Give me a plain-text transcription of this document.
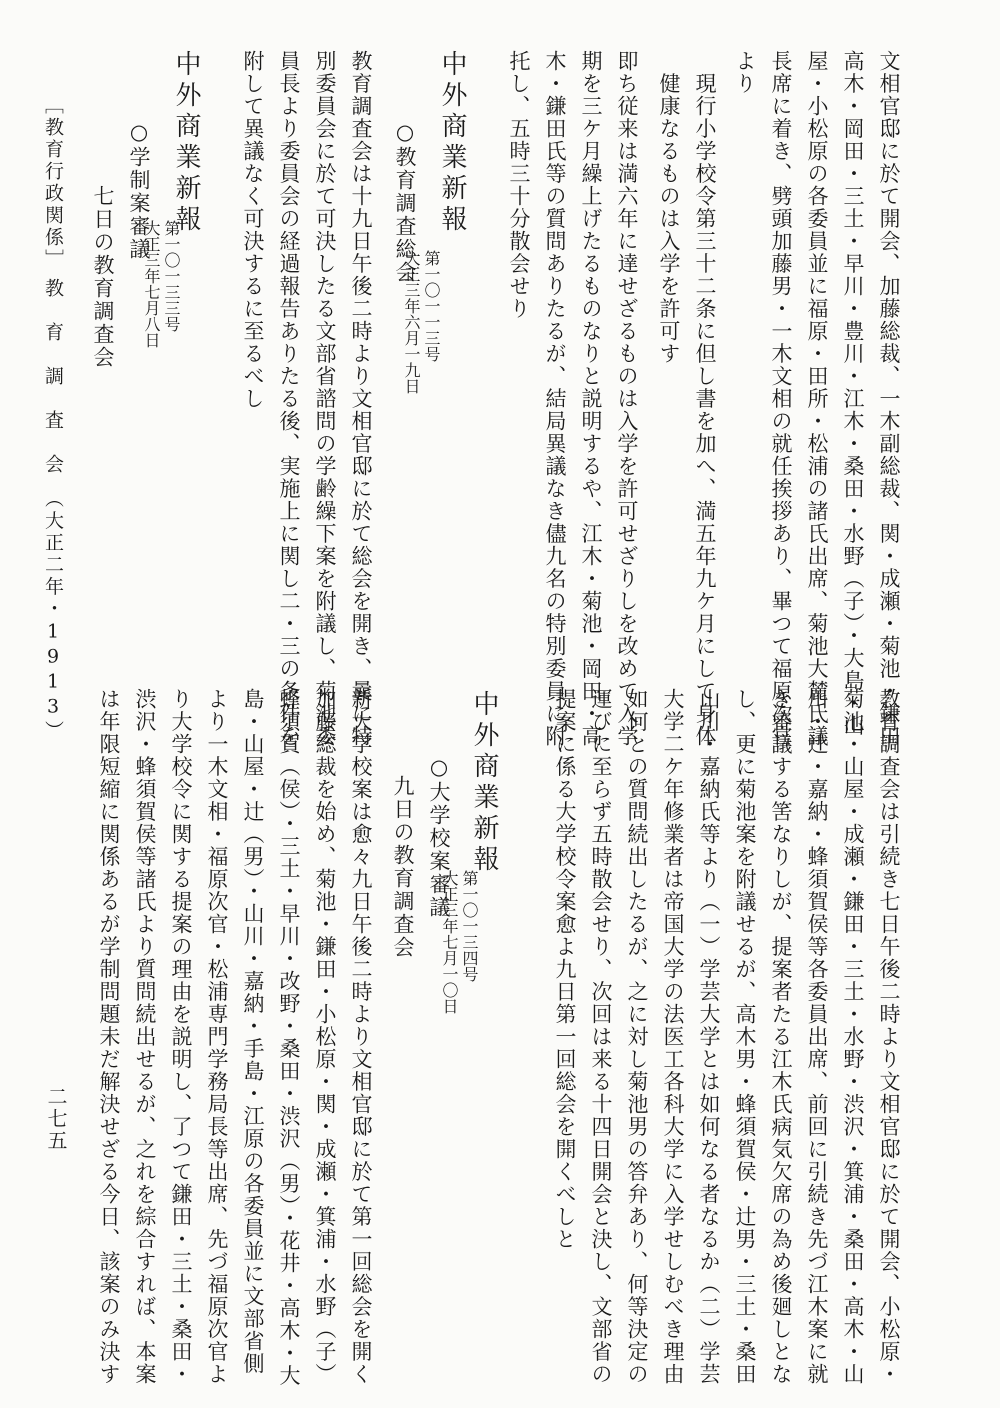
文相官邸に於て開会、加藤総裁、一木副総裁、関・成瀬・菊池・鎌田

高木・岡田・三土・早川・豊川・江木・桑田・水野（子）・大島・山

屋・小松原の各委員並に福原・田所・松浦の諸氏出席、菊池大麓氏議

長席に着き、劈頭加藤男・一木文相の就任挨拶あり、畢つて福原次官

より

　現行小学校令第三十二条に但し書を加へ、満五年九ケ月にして身体

　健康なるものは入学を許可す

即ち従来は満六年に達せざるものは入学を許可せざりしを改めて入学

期を三ケ月繰上げたるものなりと説明するや、江木・菊池・岡田・高

木・鎌田氏等の質問ありたるが、結局異議なき儘九名の特別委員に附

托し、五時三十分散会せり

中外商業新報

第一〇一一三号

大正三年六月一九日

○教育調査総会

教育調査会は十九日午後二時より文相官邸に於て総会を開き、曩に特

別委員会に於て可決したる文部省諮問の学齢繰下案を附議し、菊池委

員長より委員会の経過報告ありたる後、実施上に関し二・三の条件を

附して異議なく可決するに至るべし

中外商業新報

第一〇一三三号

大正三年七月八日

○学制案審議

七日の教育調査会

［教育行政関係］

教　育　調　査　会　（大正二年・1913）

教育調査会は引続き七日午後二時より文相官邸に於て開会、小松原・

菊池・山屋・成瀬・鎌田・三土・水野・渋沢・箕浦・桑田・高木・山

川・辻・嘉納・蜂須賀侯等各委員出席、前回に引続き先づ江木案に就

き審議する筈なりしが、提案者たる江木氏病気欠席の為め後廻しとな

し、更に菊池案を附議せるが、高木男・蜂須賀侯・辻男・三土・桑田

山川・嘉納氏等より（一）学芸大学とは如何なる者なるか（二）学芸

大学二ケ年修業者は帝国大学の法医工各科大学に入学せしむべき理由

如何との質問続出したるが、之に対し菊池男の答弁あり、何等決定の

運びに至らず五時散会せり、次回は来る十四日開会と決し、文部省の

提案に係る大学校令案愈よ九日第一回総会を開くべしと

中外商業新報

第一〇一三四号

大正三年七月一〇日

○大学校案審議

九日の教育調査会

新大学校案は愈々九日午後二時より文相官邸に於て第一回総会を開く

加藤総裁を始め、菊池・鎌田・小松原・関・成瀬・箕浦・水野（子）

蜂須賀（侯）・三土・早川・改野・桑田・渋沢（男）・花井・高木・大

島・山屋・辻（男）・山川・嘉納・手島・江原の各委員並に文部省側

より一木文相・福原次官・松浦専門学務局長等出席、先づ福原次官よ

り大学校令に関する提案の理由を説明し、了つて鎌田・三土・桑田・

渋沢・蜂須賀侯等諸氏より質問続出せるが、之れを綜合すれば、本案

は年限短縮に関係あるが学制問題未だ解決せざる今日、該案のみ決す

二七五
